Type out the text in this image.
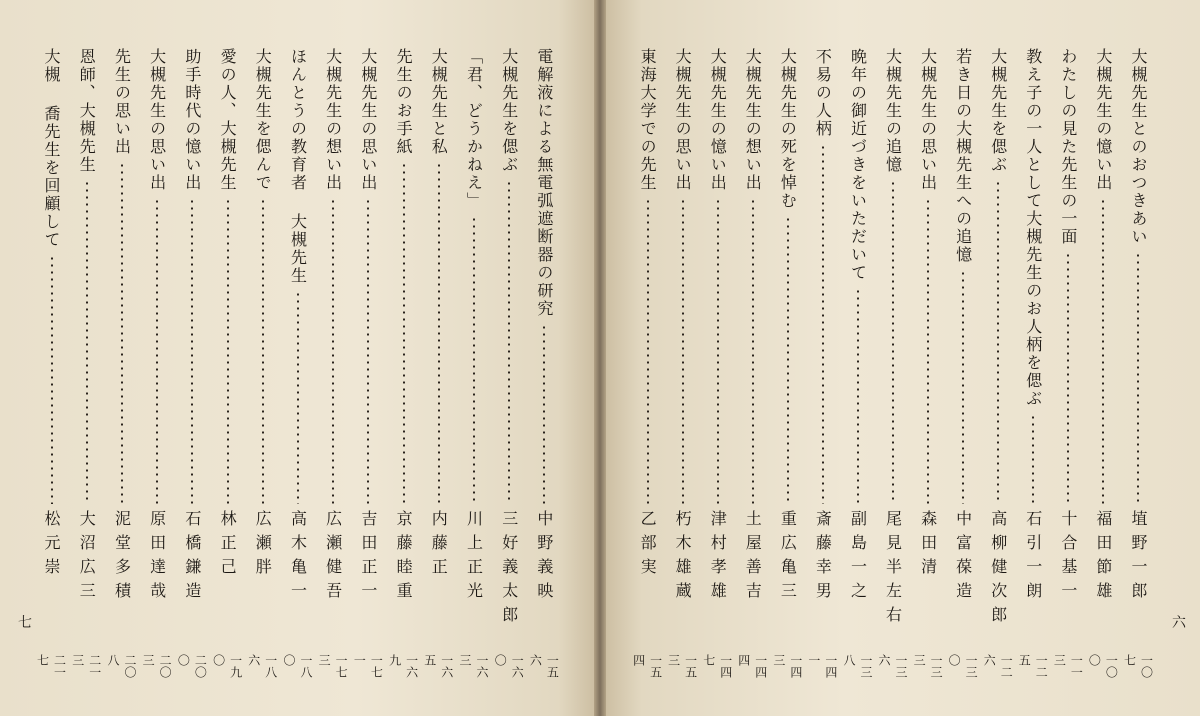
電解液による無電弧遮断器の研究
中野義映
一五六
大槻先生を偲ぶ
三好義太郎
一六〇
「君、どうかねえ」
川上正光
一六三
大槻先生と私
内藤正
一六五
先生のお手紙
京藤睦重
一六九
大槻先生の思い出
吉田正一
一七一
大槻先生の想い出
広瀬健吾
一七三
ほんとうの教育者 大槻先生
高木亀一
一八〇
大槻先生を偲んで
広瀬胖
一八六
愛の人、大槻先生
林正己
一九〇
助手時代の憶い出
石橋鎌造
二〇〇
大槻先生の思い出
原田達哉
二〇三
先生の思い出
泥堂多積
二〇八
恩師、大槻先生
大沼広三
二一三
大槻 喬先生を回顧して
松元崇
二一七
七
大槻先生とのおつきあい
埴野一郎
一〇七
大槻先生の憶い出
福田節雄
一〇〇
わたしの見た先生の一面
十合基一
一一三
教え子の一人として大槻先生のお人柄を偲ぶ
石引一朗
一二五
大槻先生を偲ぶ
高柳健次郎
一二六
若き日の大槻先生への追憶
中富葆造
一三〇
大槻先生の思い出
森田清
一三三
大槻先生の追憶
尾見半左右
一三六
晩年の御近づきをいただいて
副島一之
一三八
不易の人柄
斎藤幸男
一四一
大槻先生の死を悼む
重広亀三
一四三
大槻先生の想い出
土屋善吉
一四四
大槻先生の憶い出
津村孝雄
一四七
大槻先生の思い出
朽木雄蔵
一五三
東海大学での先生
乙部実
一五四
六
